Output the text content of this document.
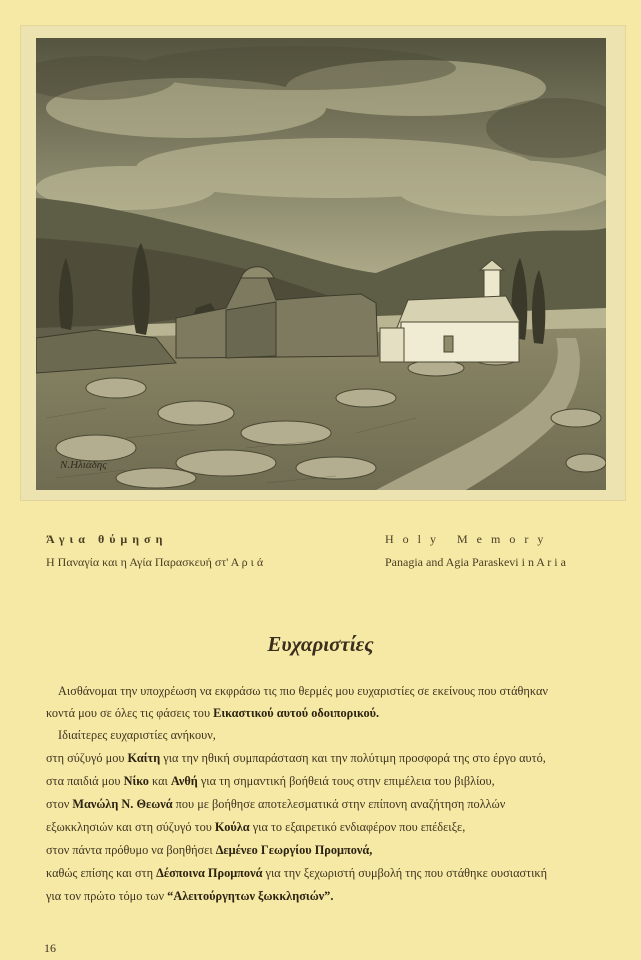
Ν.Ηλιάδης
Άγια θύμηση
Η Παναγία και η Αγία Παρασκευή στ' Α ρ ι ά
Holy Memory
Panagia and Agia Paraskevi i n A r i a
Ευχαριστίες
Αισθάνομαι την υποχρέωση να εκφράσω τις πιο θερμές μου ευχαριστίες σε εκείνους που στάθηκαν
κοντά μου σε όλες τις φάσεις του Εικαστικού αυτού οδοιπορικού.
Ιδιαίτερες ευχαριστίες ανήκουν,
στη σύζυγό μου Καίτη για την ηθική συμπαράσταση και την πολύτιμη προσφορά της στο έργο αυτό,
στα παιδιά μου Νίκο και Ανθή για τη σημαντική βοήθειά τους στην επιμέλεια του βιβλίου,
στον Μανώλη Ν. Θεωνά που με βοήθησε αποτελεσματικά στην επίπονη αναζήτηση πολλών
εξωκκλησιών και στη σύζυγό του Κούλα για το εξαιρετικό ενδιαφέρον που επέδειξε,
στον πάντα πρόθυμο να βοηθήσει Δεμένεο Γεωργίου Προμπονά,
καθώς επίσης και στη Δέσποινα Προμπονά για την ξεχωριστή συμβολή της που στάθηκε ουσιαστική
για τον πρώτο τόμο των “Αλειτούργητων ξωκκλησιών”.
16
